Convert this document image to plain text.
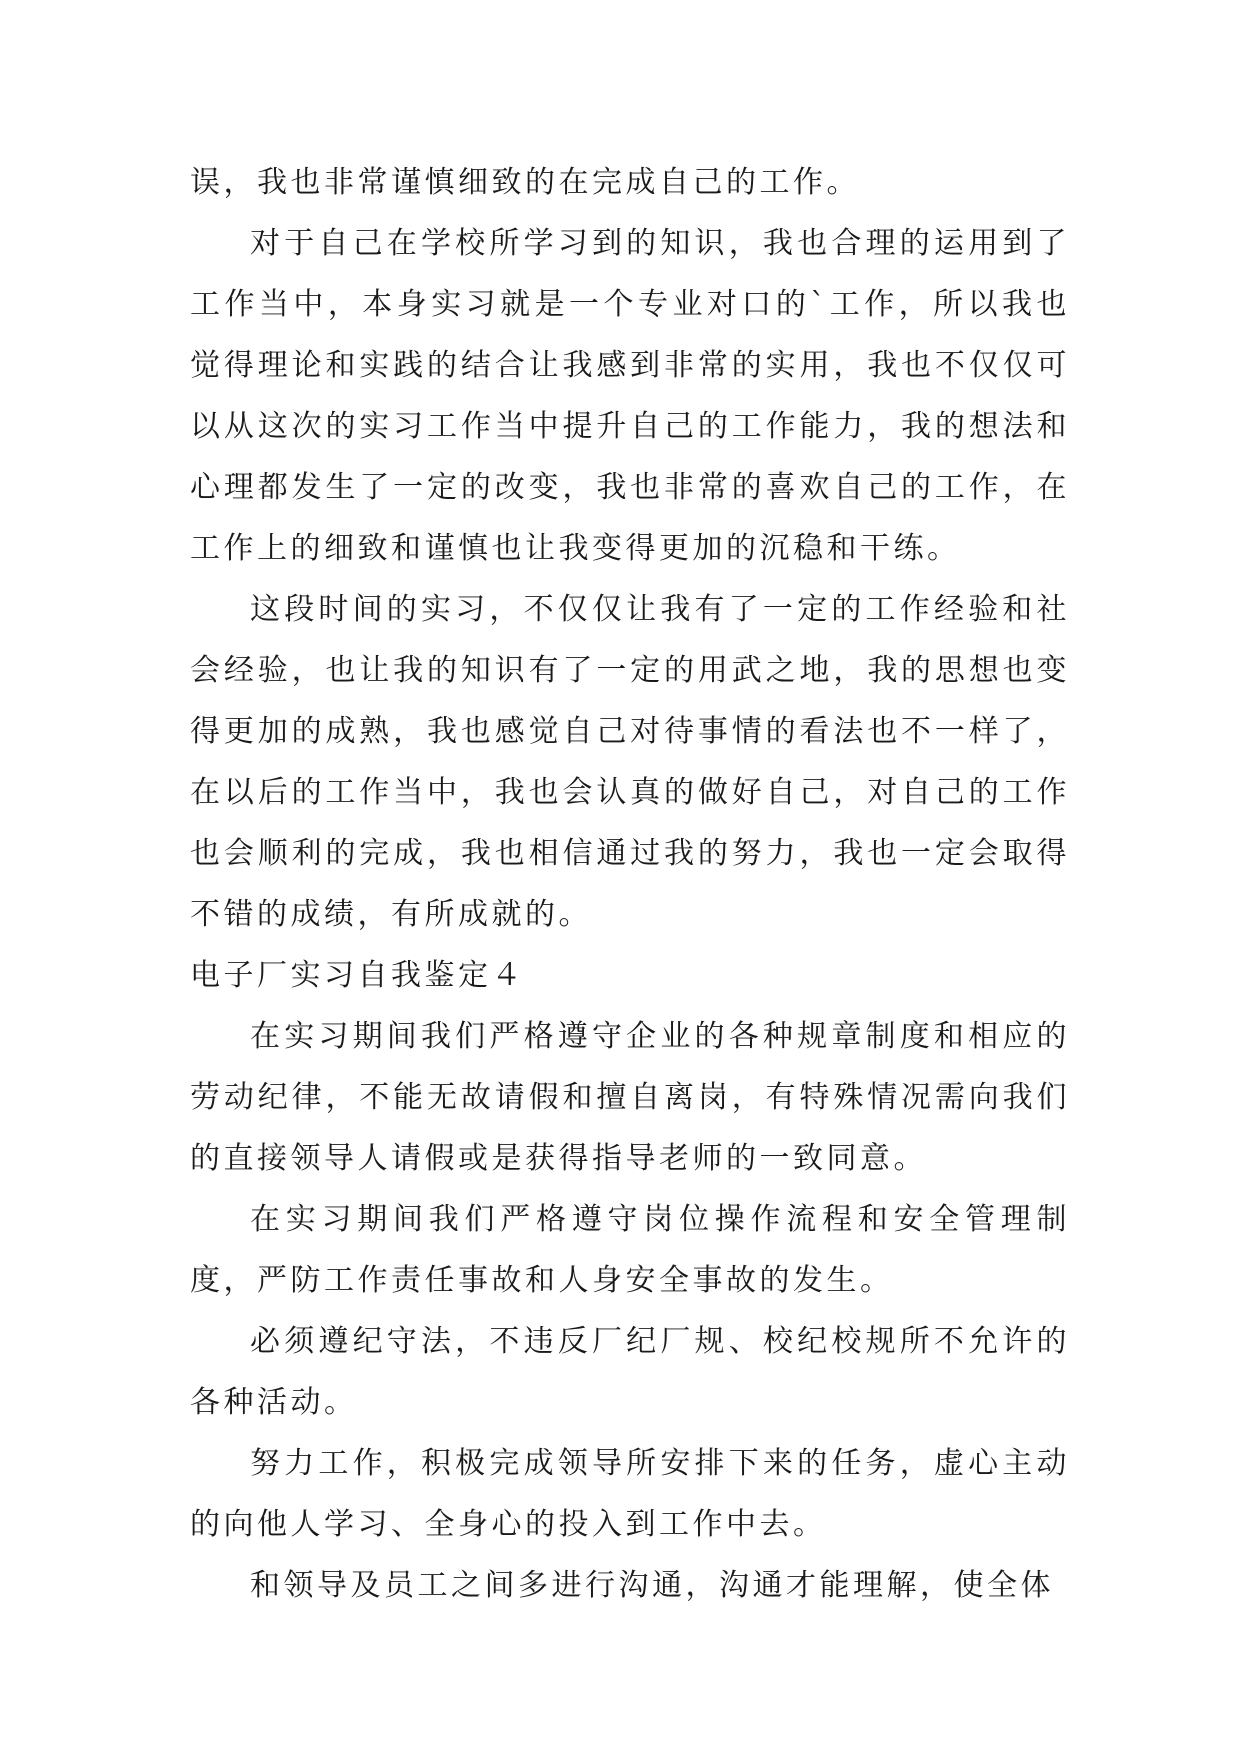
误，我也非常谨慎细致的在完成自己的工作。

对于自己在学校所学习到的知识，我也合理的运用到了工作当中，本身实习就是一个专业对口的`工作，所以我也觉得理论和实践的结合让我感到非常的实用，我也不仅仅可以从这次的实习工作当中提升自己的工作能力，我的想法和心理都发生了一定的改变，我也非常的喜欢自己的工作，在工作上的细致和谨慎也让我变得更加的沉稳和干练。

这段时间的实习，不仅仅让我有了一定的工作经验和社会经验，也让我的知识有了一定的用武之地，我的思想也变得更加的成熟，我也感觉自己对待事情的看法也不一样了，在以后的工作当中，我也会认真的做好自己，对自己的工作也会顺利的完成，我也相信通过我的努力，我也一定会取得不错的成绩，有所成就的。

电子厂实习自我鉴定４

在实习期间我们严格遵守企业的各种规章制度和相应的劳动纪律，不能无故请假和擅自离岗，有特殊情况需向我们的直接领导人请假或是获得指导老师的一致同意。

在实习期间我们严格遵守岗位操作流程和安全管理制度，严防工作责任事故和人身安全事故的发生。

必须遵纪守法，不违反厂纪厂规、校纪校规所不允许的各种活动。

努力工作，积极完成领导所安排下来的任务，虚心主动的向他人学习、全身心的投入到工作中去。

和领导及员工之间多进行沟通，沟通才能理解，使全体
